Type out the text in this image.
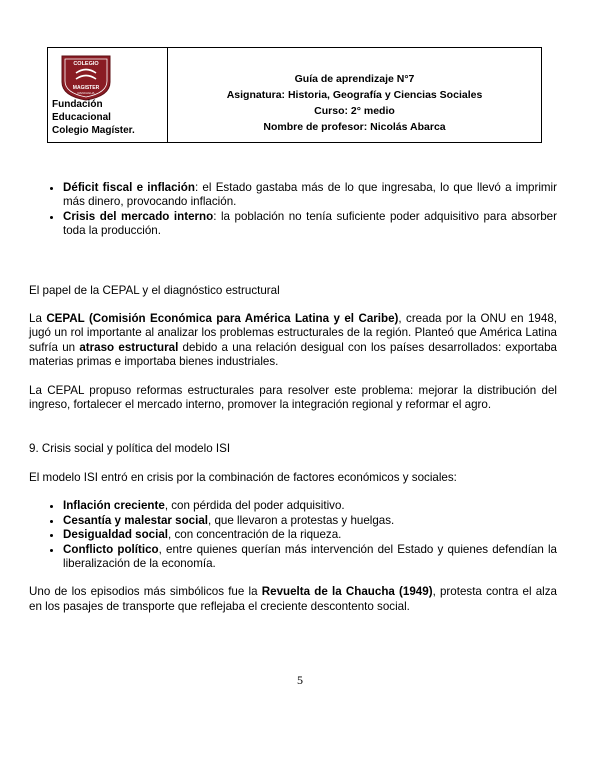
COLEGIO
MAGISTER
RANCAGUA
Fundación
Educacional
Colegio Magíster.
Guía de aprendizaje N°7
Asignatura: Historia, Geografía y Ciencias Sociales
Curso: 2° medio
Nombre de profesor: Nicolás Abarca
• Déficit fiscal e inflación: el Estado gastaba más de lo que ingresaba, lo que llevó a imprimir más dinero, provocando inflación.
• Crisis del mercado interno: la población no tenía suficiente poder adquisitivo para absorber toda la producción.

El papel de la CEPAL y el diagnóstico estructural

La CEPAL (Comisión Económica para América Latina y el Caribe), creada por la ONU en 1948, jugó un rol importante al analizar los problemas estructurales de la región. Planteó que América Latina sufría un atraso estructural debido a una relación desigual con los países desarrollados: exportaba materias primas e importaba bienes industriales.

La CEPAL propuso reformas estructurales para resolver este problema: mejorar la distribución del ingreso, fortalecer el mercado interno, promover la integración regional y reformar el agro.

9. Crisis social y política del modelo ISI

El modelo ISI entró en crisis por la combinación de factores económicos y sociales:

• Inflación creciente, con pérdida del poder adquisitivo.
• Cesantía y malestar social, que llevaron a protestas y huelgas.
• Desigualdad social, con concentración de la riqueza.
• Conflicto político, entre quienes querían más intervención del Estado y quienes defendían la liberalización de la economía.

Uno de los episodios más simbólicos fue la Revuelta de la Chaucha (1949), protesta contra el alza en los pasajes de transporte que reflejaba el creciente descontento social.

5
